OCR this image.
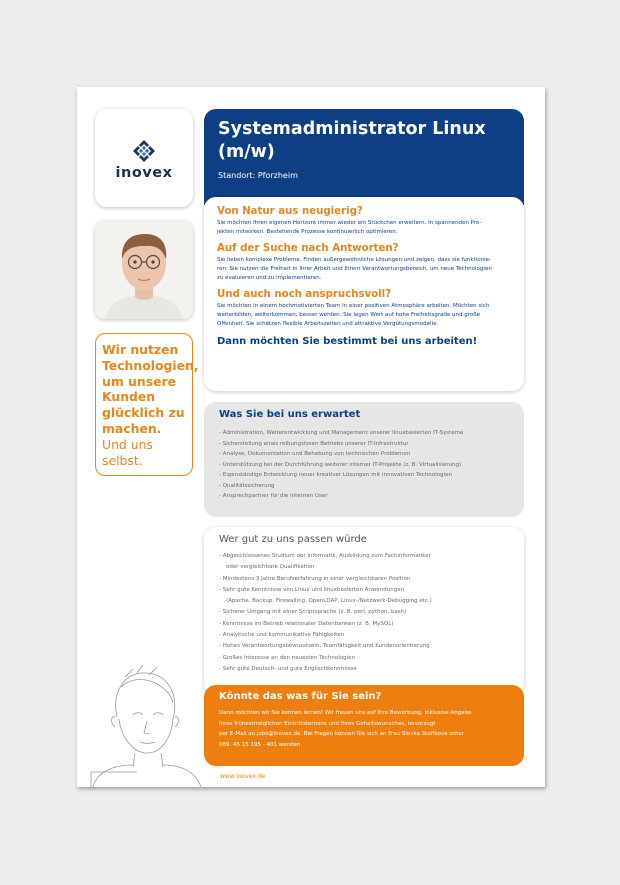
inovex
Wir nutzen
Technologien,
um unsere
Kunden
glücklich zu
machen.
Und uns selbst.
Systemadministrator Linux
(m/w)
Standort: Pforzheim
Von Natur aus neugierig?
Sie möchten Ihren eigenen Horizont immer wieder ein Stückchen erweitern. In spannenden Pro-
jekten mitwirken. Bestehende Prozesse kontinuierlich optimieren.
Auf der Suche nach Antworten?
Sie lieben komplexe Probleme. Finden außergewöhnliche Lösungen und zeigen, dass sie funktionie-
ren. Sie nutzen die Freiheit in Ihrer Arbeit und Ihrem Verantwortungsbereich, um neue Technologien
zu evaluieren und zu implementieren.
Und auch noch anspruchsvoll?
Sie möchten in einem hochmotivierten Team in einer positiven Atmosphäre arbeiten. Möchten sich
weiterbilden, weiterkommen, besser werden. Sie legen Wert auf hohe Freiheitsgrade und große
Offenheit. Sie schätzen flexible Arbeitszeiten und attraktive Vergütungsmodelle.
Dann möchten Sie bestimmt bei uns arbeiten!
Was Sie bei uns erwartet
- Administration, Weiterentwicklung und Management unserer linuxbasierten IT-Systeme
- Sicherstellung eines reibungslosen Betriebs unserer IT-Infrastruktur
- Analyse, Dokumentation und Behebung von technischen Problemen
- Unterstützung bei der Durchführung weiterer interner IT-Projekte (z. B. Virtualisierung)
- Eigenständige Entwicklung neuer kreativer Lösungen mit innovativen Technologien
- Qualitätssicherung
- Ansprechpartner für die internen User
Wer gut zu uns passen würde
- Abgeschlossenes Studium der Informatik, Ausbildung zum Fachinformatiker
oder vergleichbare Qualifikation
- Mindestens 3 Jahre Berufserfahrung in einer vergleichbaren Position
- Sehr gute Kenntnisse von Linux und linuxbasierten Anwendungen
(Apache, Backup, Firewalling, OpenLDAP, Linux-/Netzwerk-Debugging etc.)
- Sicherer Umgang mit einer Scriptsprache (z. B. perl, python, bash)
- Kenntnisse im Betrieb relationaler Datenbanken (z. B. MySQL)
- Analytische und kommunikative Fähigkeiten
- Hohes Verantwortungsbewusstsein, Teamfähigkeit und Kundenorientierung
- Großes Interesse an den neuesten Technologien
- Sehr gute Deutsch- und gute Englischkenntnisse
Könnte das was für Sie sein?
Dann möchten wir Sie kennen lernen! Wir freuen uns auf Ihre Bewerbung, inklusive Angabe
Ihres frühestmöglichen Eintrittstermins und Ihres Gehaltswunsches, bevorzugt
per E-Mail an jobs@inovex.de. Bei Fragen können Sie sich an Frau Slavka Stoffkova unter
089. 45 15 195 - 401 wenden.
www.inovex.de
